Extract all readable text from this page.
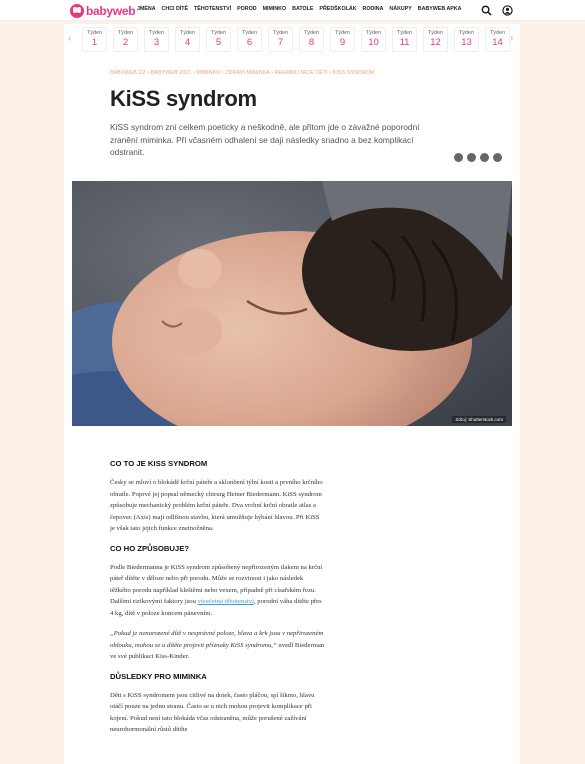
babyweb JMÉNA CHCI DÍTĚ TĚHOTENSTVÍ POROD MIMINKO BATOLE PŘEDŠKOLÁK RODINA NÁKUPY BABYWEB APKA
‹	Týden
1
Týden
2
Týden
3
Týden
4
Týden
5
Týden
6
Týden
7
Týden
8
Týden
9
Týden
10
Týden
11
Týden
12
Týden
13
Týden
14 ›
BABYWEB.CZ › BABYWEB 2021 › MIMINKO › ZDRAVÍ MIMINKA › REHABILITACE DĚTÍ › KISS SYNDROM
KiSS syndrom

KiSS syndrom zní celkem poeticky a neškodně, ale přitom jde o závažné poporodní zranění miminka. Při včasném odhalení se dají následky snadno a bez komplikací odstranit.

Zdroj: Shutterstock.com
CO TO JE KISS SYNDROM

Česky se mluví o blokádě krční páteře a sklonbení týlní kosti a prvního krčního obratle. Poprvé jej popsal německý chirurg Heiner Biedermann. KiSS syndrom způsobuje mechanický problém krční páteře. Dva vrchní krční obratle atlas a čepovec (Axis) mají odlišnou stavbu, která umožňuje hýbání hlavou. Při KiSS je však tato jejich funkce zneinožněna.

CO HO ZPŮSOBUJE?

Podle Biedermanna je KiSS syndrom způsobený nepřirozeným tlakem na krční páteř dítěte v děloze nebo při porodu. Může se rozvinout i jako následek těžkého porodu například kleštěmi nebo vexem, případně při císařském řezu. Dalšími rizikovými faktory jsou vícečetná těhotenství, porodní váha dítěte přes 4 kg, dítě v poloze koncem pánevním.

„Pokud je nenarozené dítě v nesprávné poloze, hlava a krk jsou v nepřirozeném oblouku, mohou se u dítěte projevit příznaky KiSS syndromu,“ uvedl Biederman ve své publikaci Kiss-Kinder.

DŮSLEDKY PRO MIMINKA

Děti s KiSS syndromem jsou citlivé na dotek, často pláčou, spí šikmo, hlavu otáčí pouze na jednu stranu. Často se u nich mohou projevit komplikace při kojení. Pokud není tato blokáda včas odstraněna, může porušené zažívání neurohormonální růstů dítěte
